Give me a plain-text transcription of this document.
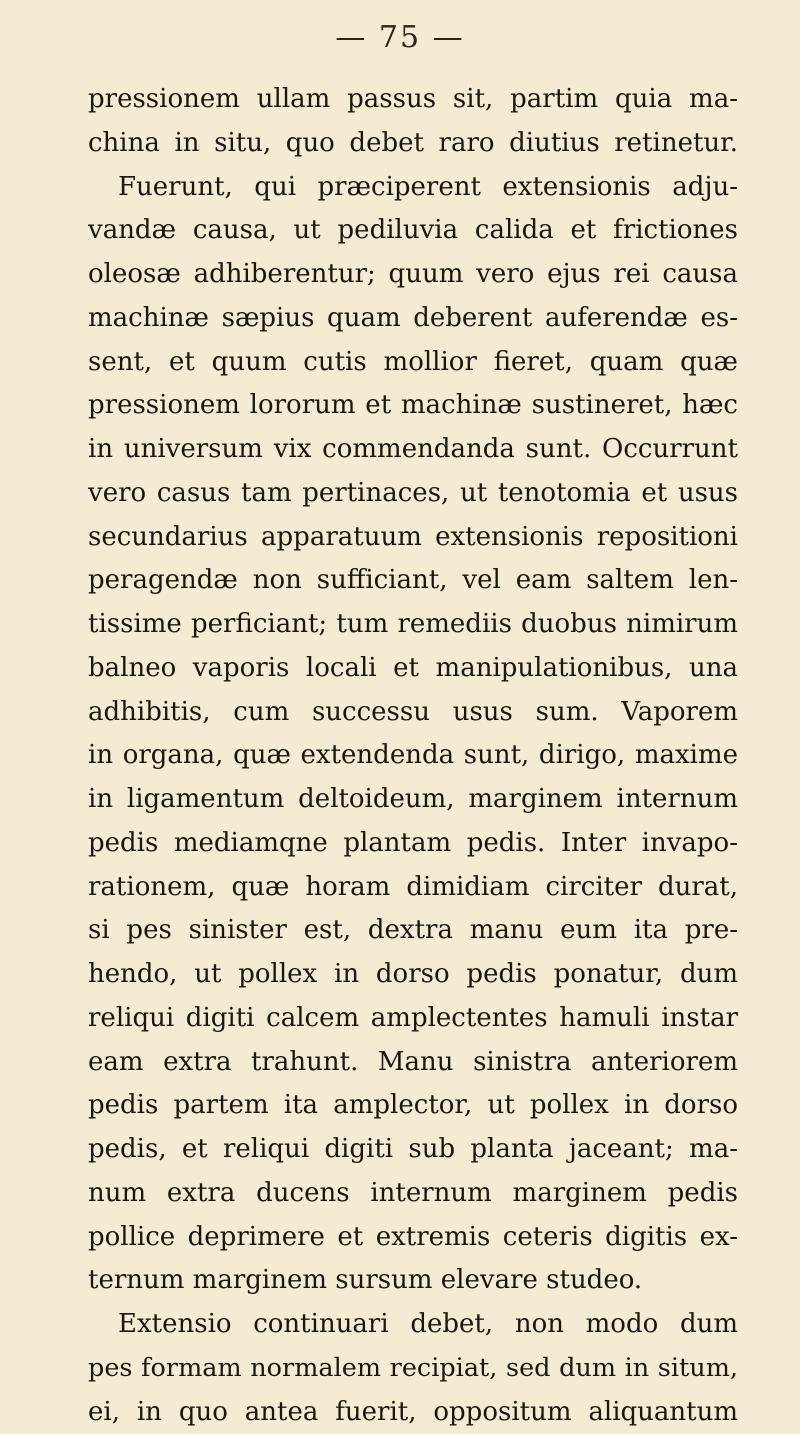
— 75 —
pressionem ullam passus sit, partim quia ma-
china in situ, quo debet raro diutius retinetur.
Fuerunt, qui præciperent extensionis adju-
vandæ causa, ut pediluvia calida et frictiones
oleosæ adhiberentur; quum vero ejus rei causa
machinæ sæpius quam deberent auferendæ es-
sent, et quum cutis mollior fieret, quam quæ
pressionem lororum et machinæ sustineret, hæc
in universum vix commendanda sunt. Occurrunt
vero casus tam pertinaces, ut tenotomia et usus
secundarius apparatuum extensionis repositioni
peragendæ non sufficiant, vel eam saltem len-
tissime perficiant; tum remediis duobus nimirum
balneo vaporis locali et manipulationibus, una
adhibitis, cum successu usus sum. Vaporem
in organa, quæ extendenda sunt, dirigo, maxime
in ligamentum deltoideum, marginem internum
pedis mediamqne plantam pedis. Inter invapo-
rationem, quæ horam dimidiam circiter durat,
si pes sinister est, dextra manu eum ita pre-
hendo, ut pollex in dorso pedis ponatur, dum
reliqui digiti calcem amplectentes hamuli instar
eam extra trahunt. Manu sinistra anteriorem
pedis partem ita amplector, ut pollex in dorso
pedis, et reliqui digiti sub planta jaceant; ma-
num extra ducens internum marginem pedis
pollice deprimere et extremis ceteris digitis ex-
ternum marginem sursum elevare studeo.
Extensio continuari debet, non modo dum
pes formam normalem recipiat, sed dum in situm,
ei, in quo antea fuerit, oppositum aliquantum
